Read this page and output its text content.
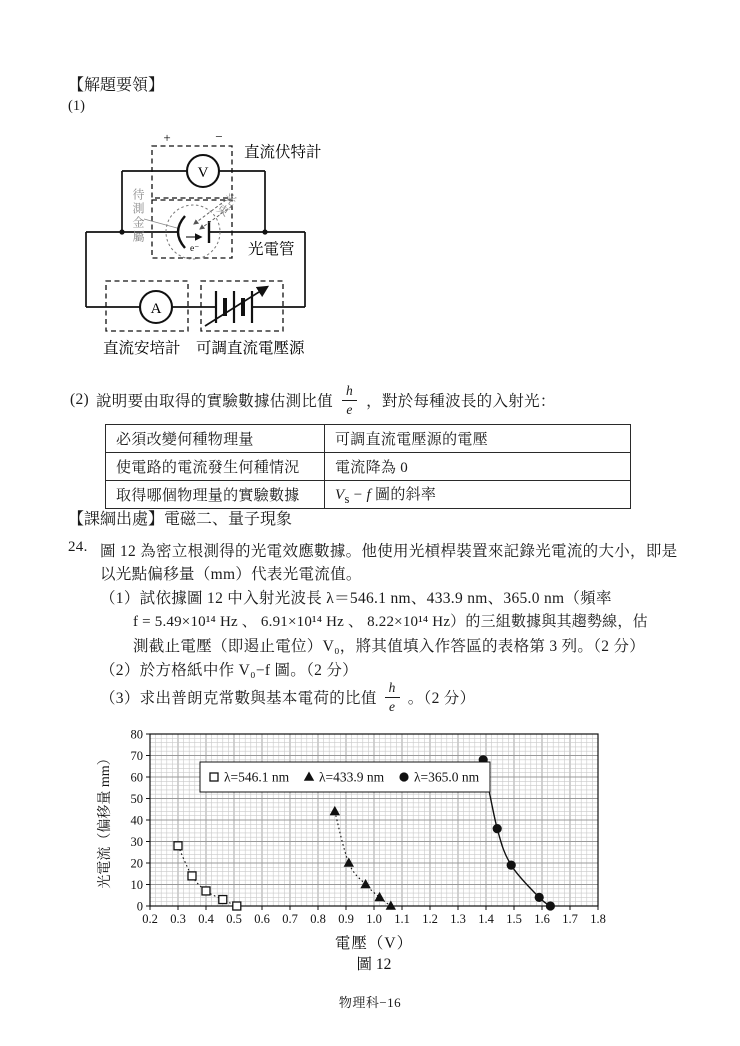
【解題要領】
(1)
V
+	−
直流伏特計
e⁻	光電管
A
直流安培計 可調直流電壓源
待測金屬	光束
(2) 說明要由取得的實驗數據估測比值 $\frac{h}{e}$ ，對於每種波長的入射光：
必須改變何種物理量	可調直流電壓源的電壓
使電路的電流發生何種情況	電流降為 0
取得哪個物理量的實驗數據	$V_s - f$ 圖的斜率
【課綱出處】電磁二、量子現象
24. 圖 12 為密立根測得的光電效應數據。他使用光槓桿裝置來記錄光電流的大小，即是
以光點偏移量（mm）代表光電流值。
（1）試依據圖 12 中入射光波長 λ＝546.1 nm、433.9 nm、365.0 nm（頻率
f = 5.49×10¹⁴ Hz 、 6.91×10¹⁴ Hz 、 8.22×10¹⁴ Hz）的三組數據與其趨勢線，估
測截止電壓（即遏止電位）V₀，將其值填入作答區的表格第 3 列。（2 分）
（2）於方格紙中作 V₀−f 圖。（2 分）
（3）求出普朗克常數與基本電荷的比值 $\frac{h}{e}$ 。（2 分）
0.2 0.3 0.4 0.5 0.6 0.7 0.8 0.9 1.0 1.1 1.2 1.3 1.4 1.5 1.6 1.7 1.8
0
10
20
30
40
50
60
70
80
光電流（偏移量 mm）
電壓（V）
圖 12
λ=546.1 nm λ=433.9 nm λ=365.0 nm
物理科−16
